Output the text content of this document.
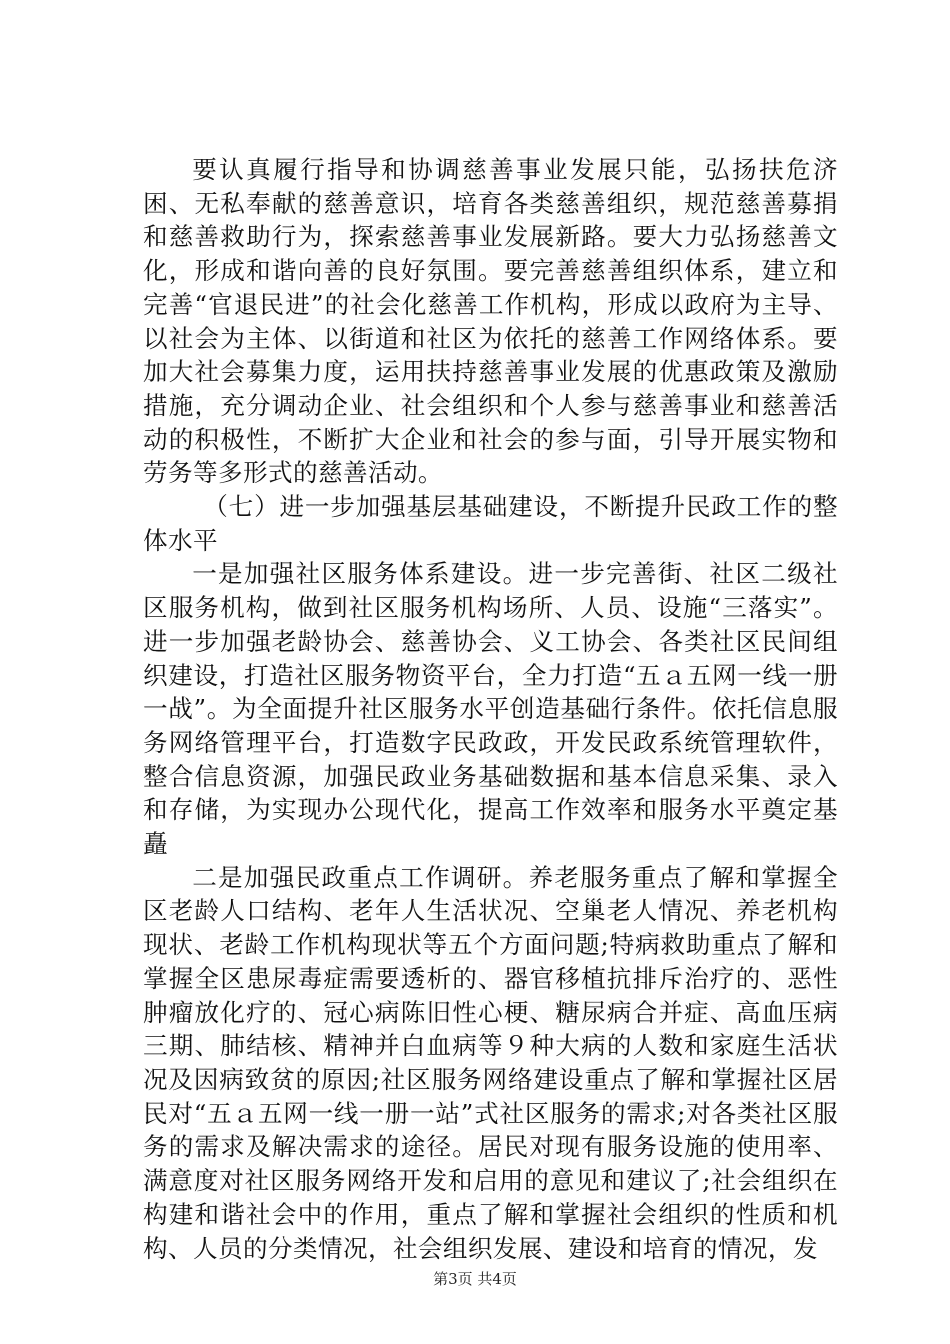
要认真履行指导和协调慈善事业发展只能，弘扬扶危济困、无私奉献的慈善意识，培育各类慈善组织，规范慈善募捐和慈善救助行为，探索慈善事业发展新路。要大力弘扬慈善文化，形成和谐向善的良好氛围。要完善慈善组织体系，建立和完善“官退民进”的社会化慈善工作机构，形成以政府为主导、以社会为主体、以街道和社区为依托的慈善工作网络体系。要加大社会募集力度，运用扶持慈善事业发展的优惠政策及激励措施，充分调动企业、社会组织和个人参与慈善事业和慈善活动的积极性，不断扩大企业和社会的参与面，引导开展实物和劳务等多形式的慈善活动。

（七）进一步加强基层基础建设，不断提升民政工作的整体水平

一是加强社区服务体系建设。进一步完善街、社区二级社区服务机构，做到社区服务机构场所、人员、设施“三落实”。进一步加强老龄协会、慈善协会、义工协会、各类社区民间组织建设，打造社区服务物资平台，全力打造“五ａ五网一线一册一战”。为全面提升社区服务水平创造基础行条件。依托信息服务网络管理平台，打造数字民政政，开发民政系统管理软件，整合信息资源，加强民政业务基础数据和基本信息采集、录入和存储，为实现办公现代化，提高工作效率和服务水平奠定基矗

二是加强民政重点工作调研。养老服务重点了解和掌握全区老龄人口结构、老年人生活状况、空巢老人情况、养老机构现状、老龄工作机构现状等五个方面问题;特病救助重点了解和掌握全区患尿毒症需要透析的、器官移植抗排斥治疗的、恶性肿瘤放化疗的、冠心病陈旧性心梗、糖尿病合并症、高血压病三期、肺结核、精神并白血病等９种大病的人数和家庭生活状况及因病致贫的原因;社区服务网络建设重点了解和掌握社区居民对“五ａ五网一线一册一站”式社区服务的需求;对各类社区服务的需求及解决需求的途径。居民对现有服务设施的使用率、满意度对社区服务网络开发和启用的意见和建议了;社会组织在构建和谐社会中的作用，重点了解和掌握社会组织的性质和机构、人员的分类情况，社会组织发展、建设和培育的情况，发

第3页 共4页
